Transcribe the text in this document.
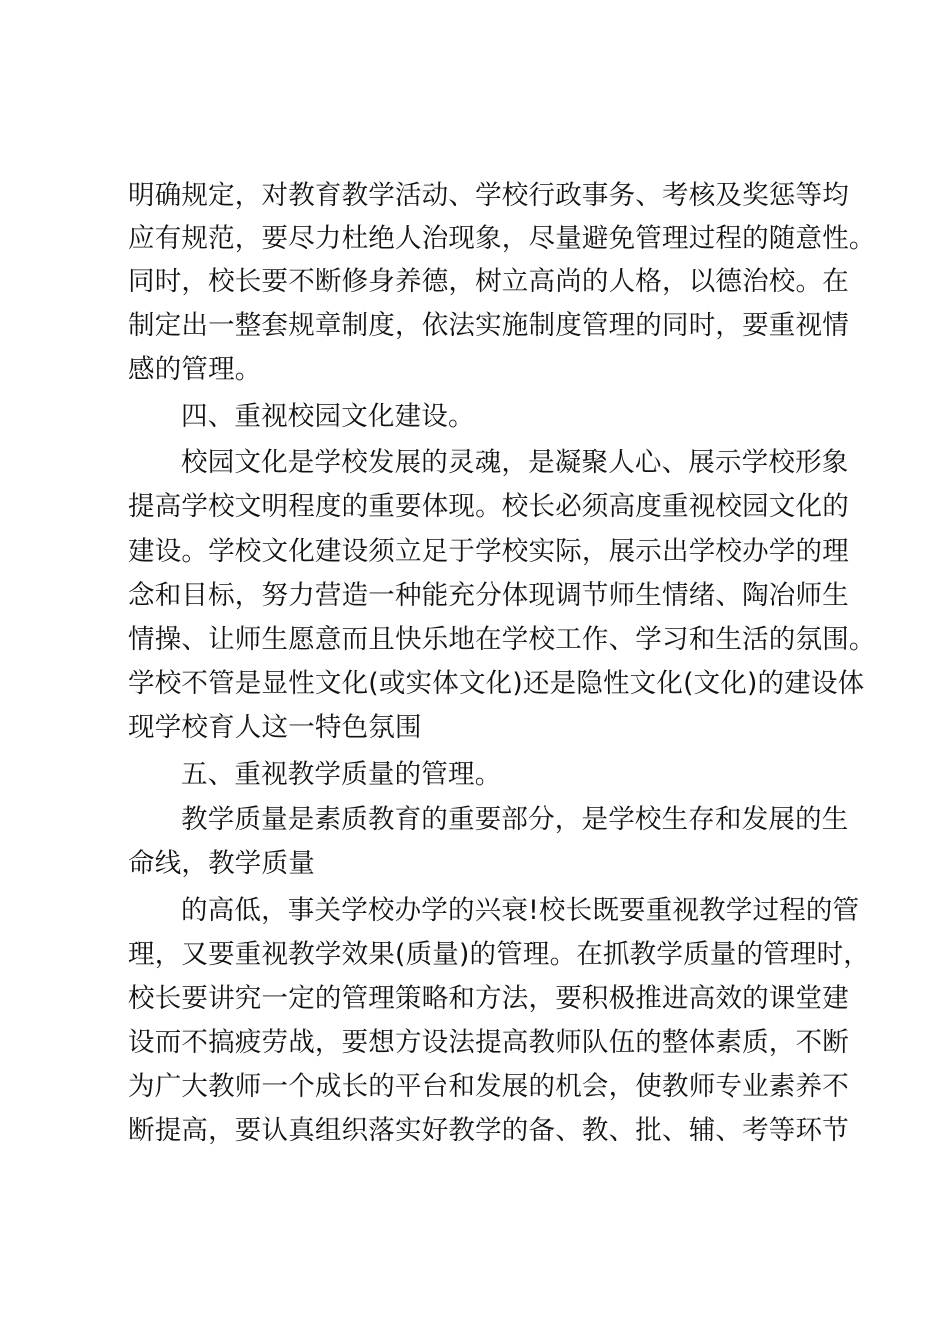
明确规定，对教育教学活动、学校行政事务、考核及奖惩等均
应有规范，要尽力杜绝人治现象，尽量避免管理过程的随意性。
同时，校长要不断修身养德，树立高尚的人格，以德治校。在
制定出一整套规章制度，依法实施制度管理的同时，要重视情
感的管理。
四、重视校园文化建设。
校园文化是学校发展的灵魂，是凝聚人心、展示学校形象
提高学校文明程度的重要体现。校长必须高度重视校园文化的
建设。学校文化建设须立足于学校实际，展示出学校办学的理
念和目标，努力营造一种能充分体现调节师生情绪、陶冶师生
情操、让师生愿意而且快乐地在学校工作、学习和生活的氛围。
学校不管是显性文化(或实体文化)还是隐性文化(文化)的建设体
现学校育人这一特色氛围
五、重视教学质量的管理。
教学质量是素质教育的重要部分，是学校生存和发展的生
命线，教学质量
的高低，事关学校办学的兴衰!校长既要重视教学过程的管
理，又要重视教学效果(质量)的管理。在抓教学质量的管理时，
校长要讲究一定的管理策略和方法，要积极推进高效的课堂建
设而不搞疲劳战，要想方设法提高教师队伍的整体素质，不断
为广大教师一个成长的平台和发展的机会，使教师专业素养不
断提高，要认真组织落实好教学的备、教、批、辅、考等环节
